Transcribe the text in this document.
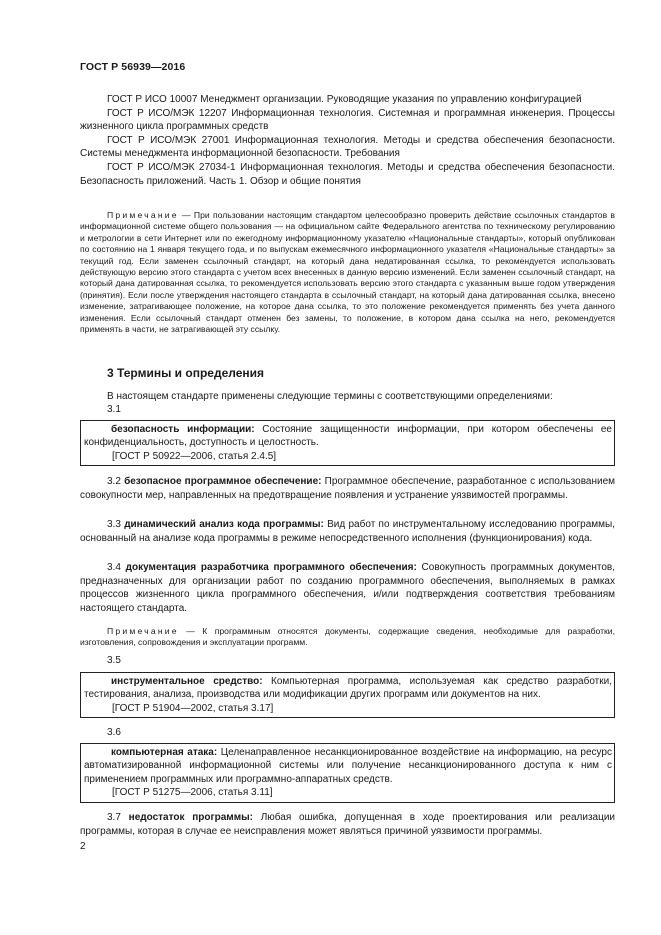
ГОСТ Р 56939—2016

ГОСТ Р ИСО 10007 Менеджмент организации. Руководящие указания по управлению конфигурацией

ГОСТ Р ИСО/МЭК 12207 Информационная технология. Системная и программная инженерия. Процессы жизненного цикла программных средств

ГОСТ Р ИСО/МЭК 27001 Информационная технология. Методы и средства обеспечения безопасности. Системы менеджмента информационной безопасности. Требования

ГОСТ Р ИСО/МЭК 27034-1 Информационная технология. Методы и средства обеспечения безопасности. Безопасность приложений. Часть 1. Обзор и общие понятия

Примечание — При пользовании настоящим стандартом целесообразно проверить действие ссылочных стандартов в информационной системе общего пользования — на официальном сайте Федерального агентства по техническому регулированию и метрологии в сети Интернет или по ежегодному информационному указателю «Национальные стандарты», который опубликован по состоянию на 1 января текущего года, и по выпускам ежемесячного информационного указателя «Национальные стандарты» за текущий год. Если заменен ссылочный стандарт, на который дана недатированная ссылка, то рекомендуется использовать действующую версию этого стандарта с учетом всех внесенных в данную версию изменений. Если заменен ссылочный стандарт, на который дана датированная ссылка, то рекомендуется использовать версию этого стандарта с указанным выше годом утверждения (принятия). Если после утверждения настоящего стандарта в ссылочный стандарт, на который дана датированная ссылка, внесено изменение, затрагивающее положение, на которое дана ссылка, то это положение рекомендуется применять без учета данного изменения. Если ссылочный стандарт отменен без замены, то положение, в котором дана ссылка на него, рекомендуется применять в части, не затрагивающей эту ссылку.

3 Термины и определения

В настоящем стандарте применены следующие термины с соответствующими определениями:

3.1

безопасность информации: Состояние защищенности информации, при котором обеспечены ее конфиденциальность, доступность и целостность.

[ГОСТ Р 50922—2006, статья 2.4.5]

3.2 безопасное программное обеспечение: Программное обеспечение, разработанное с использованием совокупности мер, направленных на предотвращение появления и устранение уязвимостей программы.

3.3 динамический анализ кода программы: Вид работ по инструментальному исследованию программы, основанный на анализе кода программы в режиме непосредственного исполнения (функционирования) кода.

3.4 документация разработчика программного обеспечения: Совокупность программных документов, предназначенных для организации работ по созданию программного обеспечения, выполняемых в рамках процессов жизненного цикла программного обеспечения, и/или подтверждения соответствия требованиям настоящего стандарта.

Примечание — К программным относятся документы, содержащие сведения, необходимые для разработки, изготовления, сопровождения и эксплуатации программ.

3.5

инструментальное средство: Компьютерная программа, используемая как средство разработки, тестирования, анализа, производства или модификации других программ или документов на них.

[ГОСТ Р 51904—2002, статья 3.17]

3.6

компьютерная атака: Целенаправленное несанкционированное воздействие на информацию, на ресурс автоматизированной информационной системы или получение несанкционированного доступа к ним с применением программных или программно-аппаратных средств.

[ГОСТ Р 51275—2006, статья 3.11]

3.7 недостаток программы: Любая ошибка, допущенная в ходе проектирования или реализации программы, которая в случае ее неисправления может являться причиной уязвимости программы.

2
